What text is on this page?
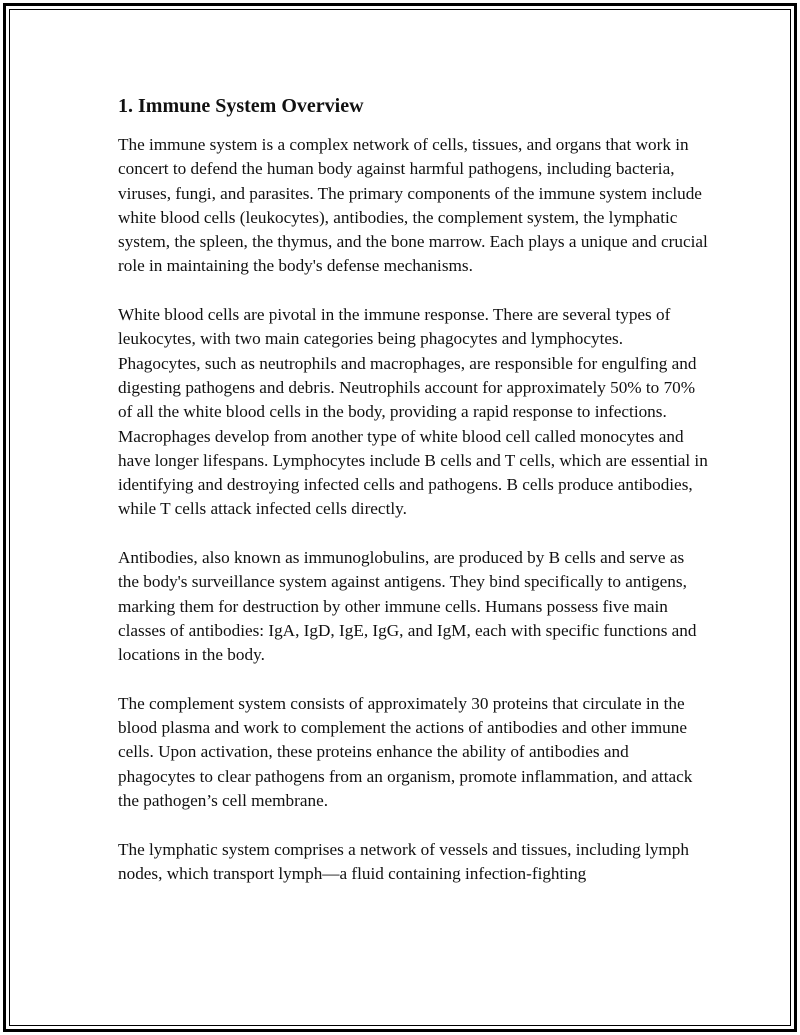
1. Immune System Overview

The immune system is a complex network of cells, tissues, and organs that work in concert to defend the human body against harmful pathogens, including bacteria, viruses, fungi, and parasites. The primary components of the immune system include white blood cells (leukocytes), antibodies, the complement system, the lymphatic system, the spleen, the thymus, and the bone marrow. Each plays a unique and crucial role in maintaining the body's defense mechanisms.

White blood cells are pivotal in the immune response. There are several types of leukocytes, with two main categories being phagocytes and lymphocytes. Phagocytes, such as neutrophils and macrophages, are responsible for engulfing and digesting pathogens and debris. Neutrophils account for approximately 50% to 70% of all the white blood cells in the body, providing a rapid response to infections. Macrophages develop from another type of white blood cell called monocytes and have longer lifespans. Lymphocytes include B cells and T cells, which are essential in identifying and destroying infected cells and pathogens. B cells produce antibodies, while T cells attack infected cells directly.

Antibodies, also known as immunoglobulins, are produced by B cells and serve as the body's surveillance system against antigens. They bind specifically to antigens, marking them for destruction by other immune cells. Humans possess five main classes of antibodies: IgA, IgD, IgE, IgG, and IgM, each with specific functions and locations in the body.

The complement system consists of approximately 30 proteins that circulate in the blood plasma and work to complement the actions of antibodies and other immune cells. Upon activation, these proteins enhance the ability of antibodies and phagocytes to clear pathogens from an organism, promote inflammation, and attack the pathogen’s cell membrane.

The lymphatic system comprises a network of vessels and tissues, including lymph nodes, which transport lymph—a fluid containing infection-fighting
